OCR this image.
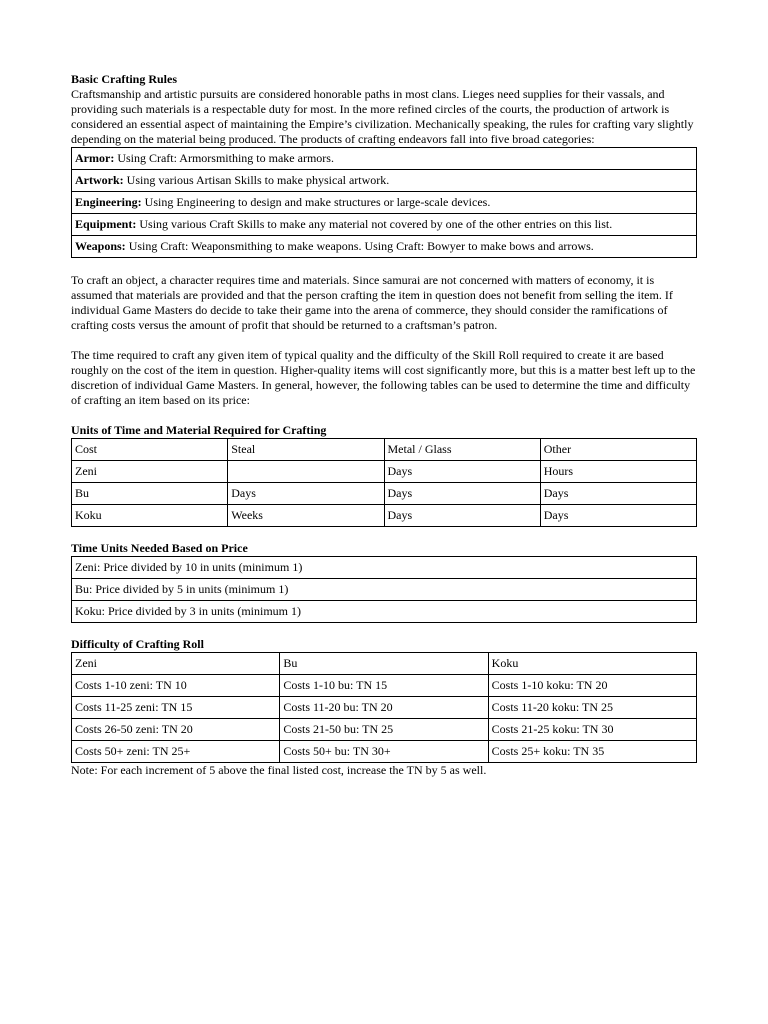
Basic Crafting Rules

Craftsmanship and artistic pursuits are considered honorable paths in most clans. Lieges need supplies for their vassals, and providing such materials is a respectable duty for most. In the more refined circles of the courts, the production of artwork is considered an essential aspect of maintaining the Empire’s civilization. Mechanically speaking, the rules for crafting vary slightly depending on the material being produced. The products of crafting endeavors fall into five broad categories:

Armor: Using Craft: Armorsmithing to make armors.
Artwork: Using various Artisan Skills to make physical artwork.
Engineering: Using Engineering to design and make structures or large-scale devices.
Equipment: Using various Craft Skills to make any material not covered by one of the other entries on this list.
Weapons: Using Craft: Weaponsmithing to make weapons. Using Craft: Bowyer to make bows and arrows.

To craft an object, a character requires time and materials. Since samurai are not concerned with matters of economy, it is assumed that materials are provided and that the person crafting the item in question does not benefit from selling the item. If individual Game Masters do decide to take their game into the arena of commerce, they should consider the ramifications of crafting costs versus the amount of profit that should be returned to a craftsman’s patron.

The time required to craft any given item of typical quality and the difficulty of the Skill Roll required to create it are based roughly on the cost of the item in question. Higher-quality items will cost significantly more, but this is a matter best left up to the discretion of individual Game Masters. In general, however, the following tables can be used to determine the time and difficulty of crafting an item based on its price:

Units of Time and Material Required for Crafting
Cost	Steal	Metal / Glass	Other
Zeni		Days	Hours
Bu	Days	Days	Days
Koku	Weeks	Days	Days
Time Units Needed Based on Price
Zeni: Price divided by 10 in units (minimum 1)
Bu: Price divided by 5 in units (minimum 1)
Koku: Price divided by 3 in units (minimum 1)
Difficulty of Crafting Roll
Zeni	Bu	Koku
Costs 1-10 zeni: TN 10	Costs 1-10 bu: TN 15	Costs 1-10 koku: TN 20
Costs 11-25 zeni: TN 15	Costs 11-20 bu: TN 20	Costs 11-20 koku: TN 25
Costs 26-50 zeni: TN 20	Costs 21-50 bu: TN 25	Costs 21-25 koku: TN 30
Costs 50+ zeni: TN 25+	Costs 50+ bu: TN 30+	Costs 25+ koku: TN 35

Note: For each increment of 5 above the final listed cost, increase the TN by 5 as well.
